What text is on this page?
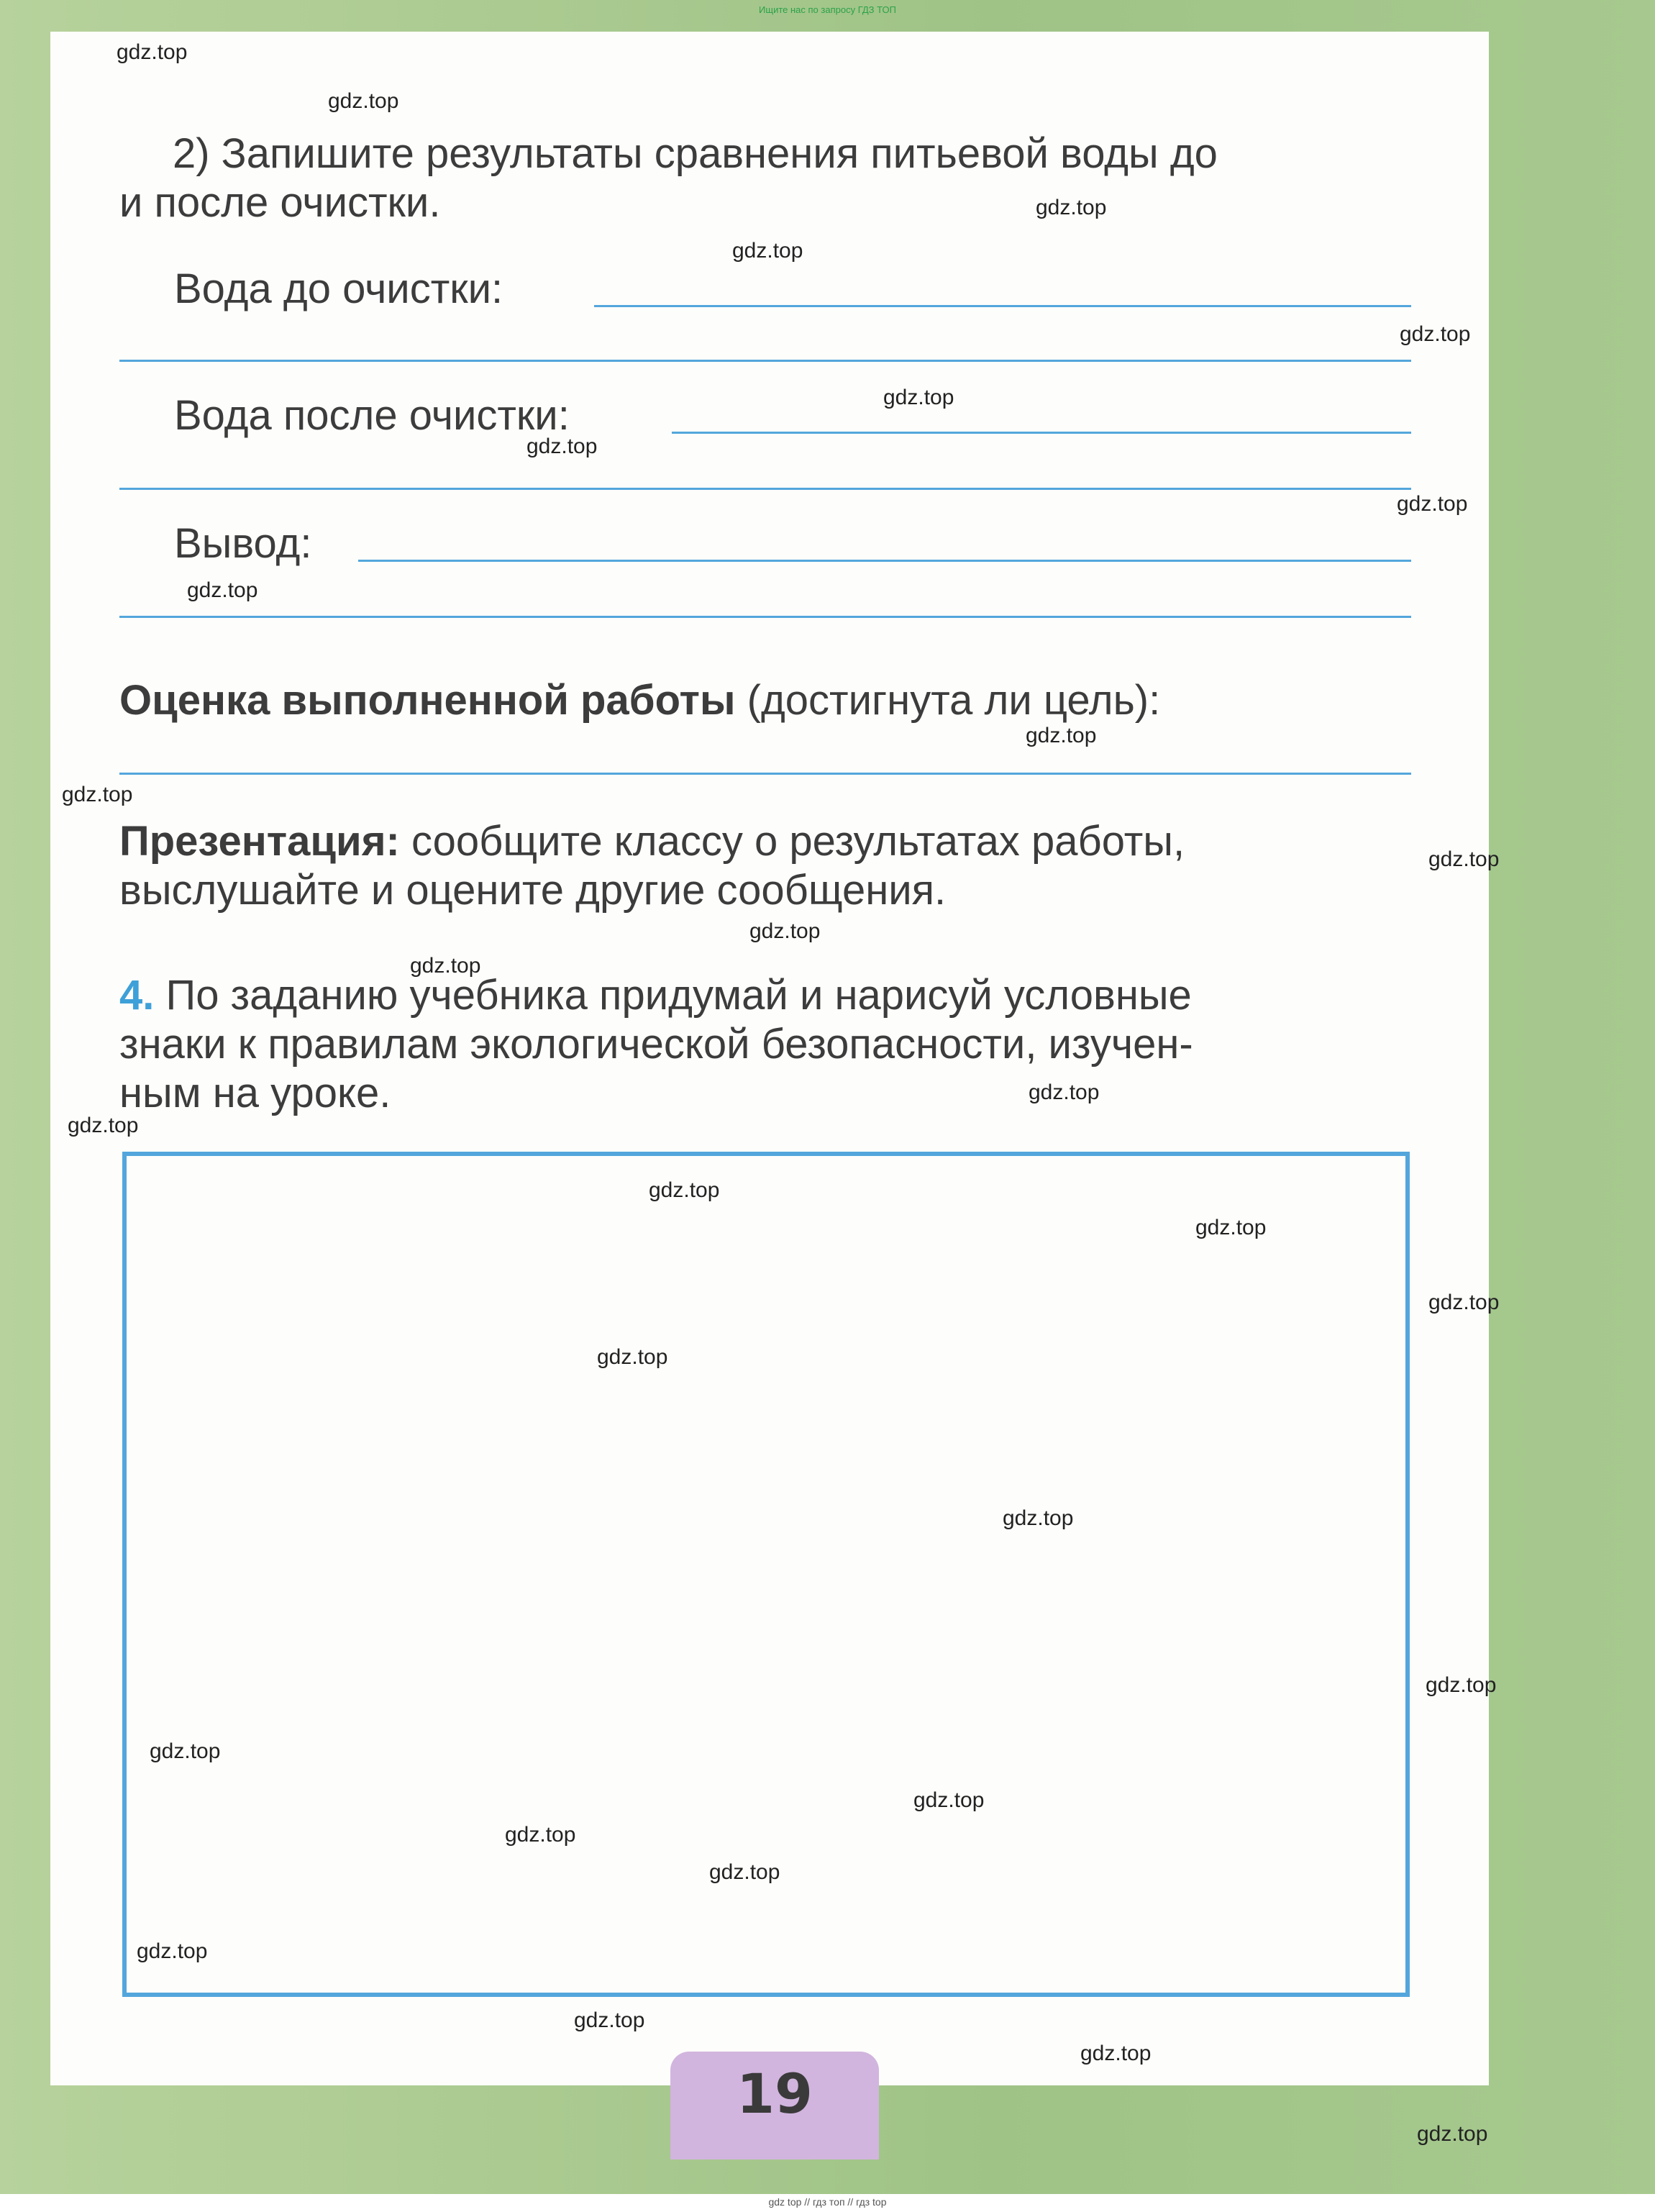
Ищите нас по запросу ГДЗ ТОП
2) Запишите результаты сравнения питьевой воды до
и после очистки.
Вода до очистки:
Вода после очистки:
Вывод:
Оценка выполненной работы (достигнута ли цель):
Презентация: сообщите классу о результатах работы,
выслушайте и оцените другие сообщения.
4. По заданию учебника придумай и нарисуй условные
знаки к правилам экологической безопасности, изучен-
ным на уроке.
19
gdz.top
gdz.top
gdz.top
gdz.top
gdz.top
gdz.top
gdz.top
gdz.top
gdz.top
gdz.top
gdz.top
gdz.top
gdz.top
gdz.top
gdz.top
gdz.top
gdz.top
gdz.top
gdz.top
gdz.top
gdz.top
gdz.top
gdz.top
gdz.top
gdz.top
gdz.top
gdz.top
gdz.top
gdz.top
gdz.top
gdz top // гдз топ // гдз top
